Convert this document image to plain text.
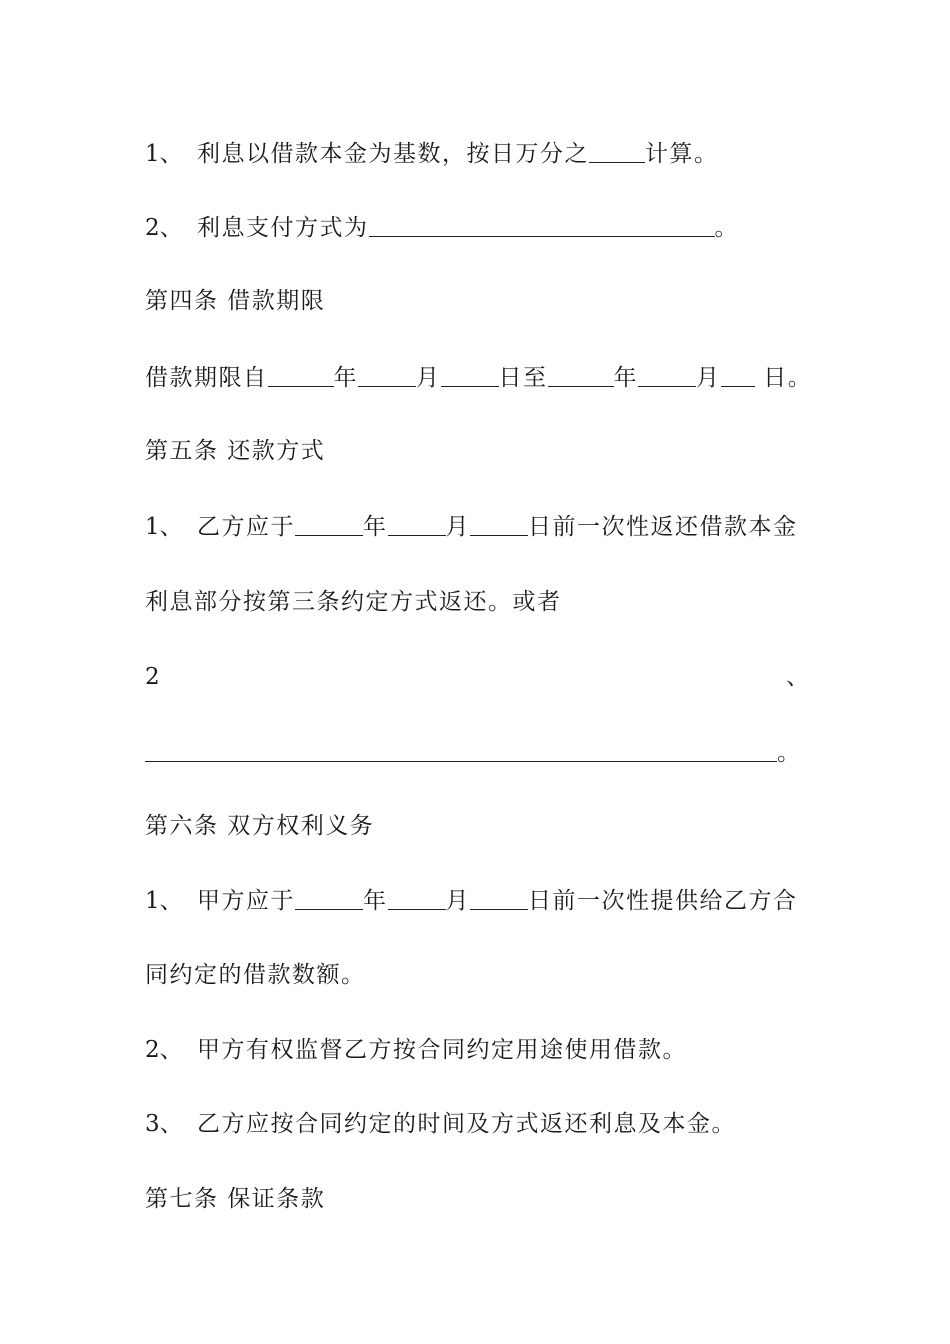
1、 利息以借款本金为基数，按日万分之 计算。
2、 利息支付方式为	。
第四条 借款期限
借款期限自	年	月	日至	年	月 日。
第五条 还款方式
1、 乙方应于	年	月	日前一次性返还借款本金
利息部分按第三条约定方式返还。或者
2	、
。
第六条 双方权利义务
1、 甲方应于	年	月	日前一次性提供给乙方合
同约定的借款数额。
2、 甲方有权监督乙方按合同约定用途使用借款。
3、 乙方应按合同约定的时间及方式返还利息及本金。
第七条 保证条款
